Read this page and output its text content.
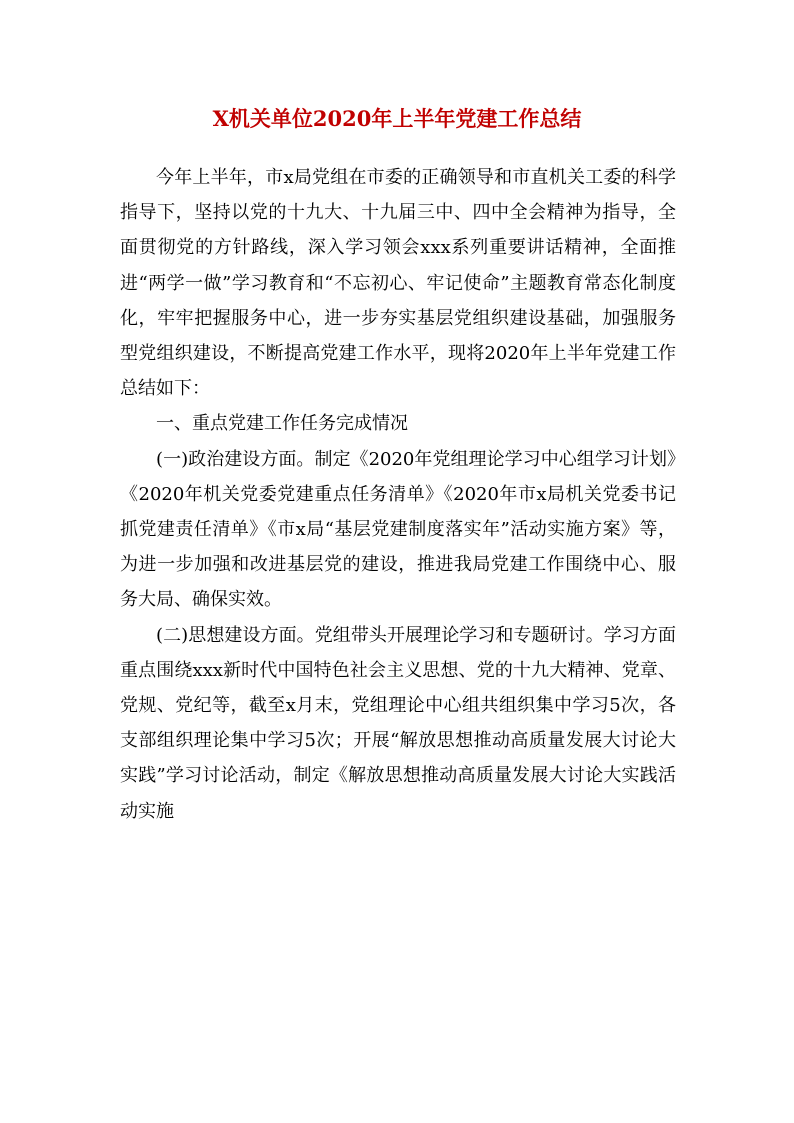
X机关单位2020年上半年党建工作总结

今年上半年，市x局党组在市委的正确领导和市直机关工委的科学指导下，坚持以党的十九大、十九届三中、四中全会精神为指导，全面贯彻党的方针路线，深入学习领会xxx系列重要讲话精神，全面推进“两学一做”学习教育和“不忘初心、牢记使命”主题教育常态化制度化，牢牢把握服务中心，进一步夯实基层党组织建设基础，加强服务型党组织建设，不断提高党建工作水平，现将2020年上半年党建工作总结如下：

一、重点党建工作任务完成情况

(一)政治建设方面。制定《2020年党组理论学习中心组学习计划》《2020年机关党委党建重点任务清单》《2020年市x局机关党委书记抓党建责任清单》《市x局“基层党建制度落实年”活动实施方案》等，为进一步加强和改进基层党的建设，推进我局党建工作围绕中心、服务大局、确保实效。

(二)思想建设方面。党组带头开展理论学习和专题研讨。学习方面重点围绕xxx新时代中国特色社会主义思想、党的十九大精神、党章、党规、党纪等，截至x月末，党组理论中心组共组织集中学习5次，各支部组织理论集中学习5次；开展“解放思想推动高质量发展大讨论大实践”学习讨论活动，制定《解放思想推动高质量发展大讨论大实践活动实施
